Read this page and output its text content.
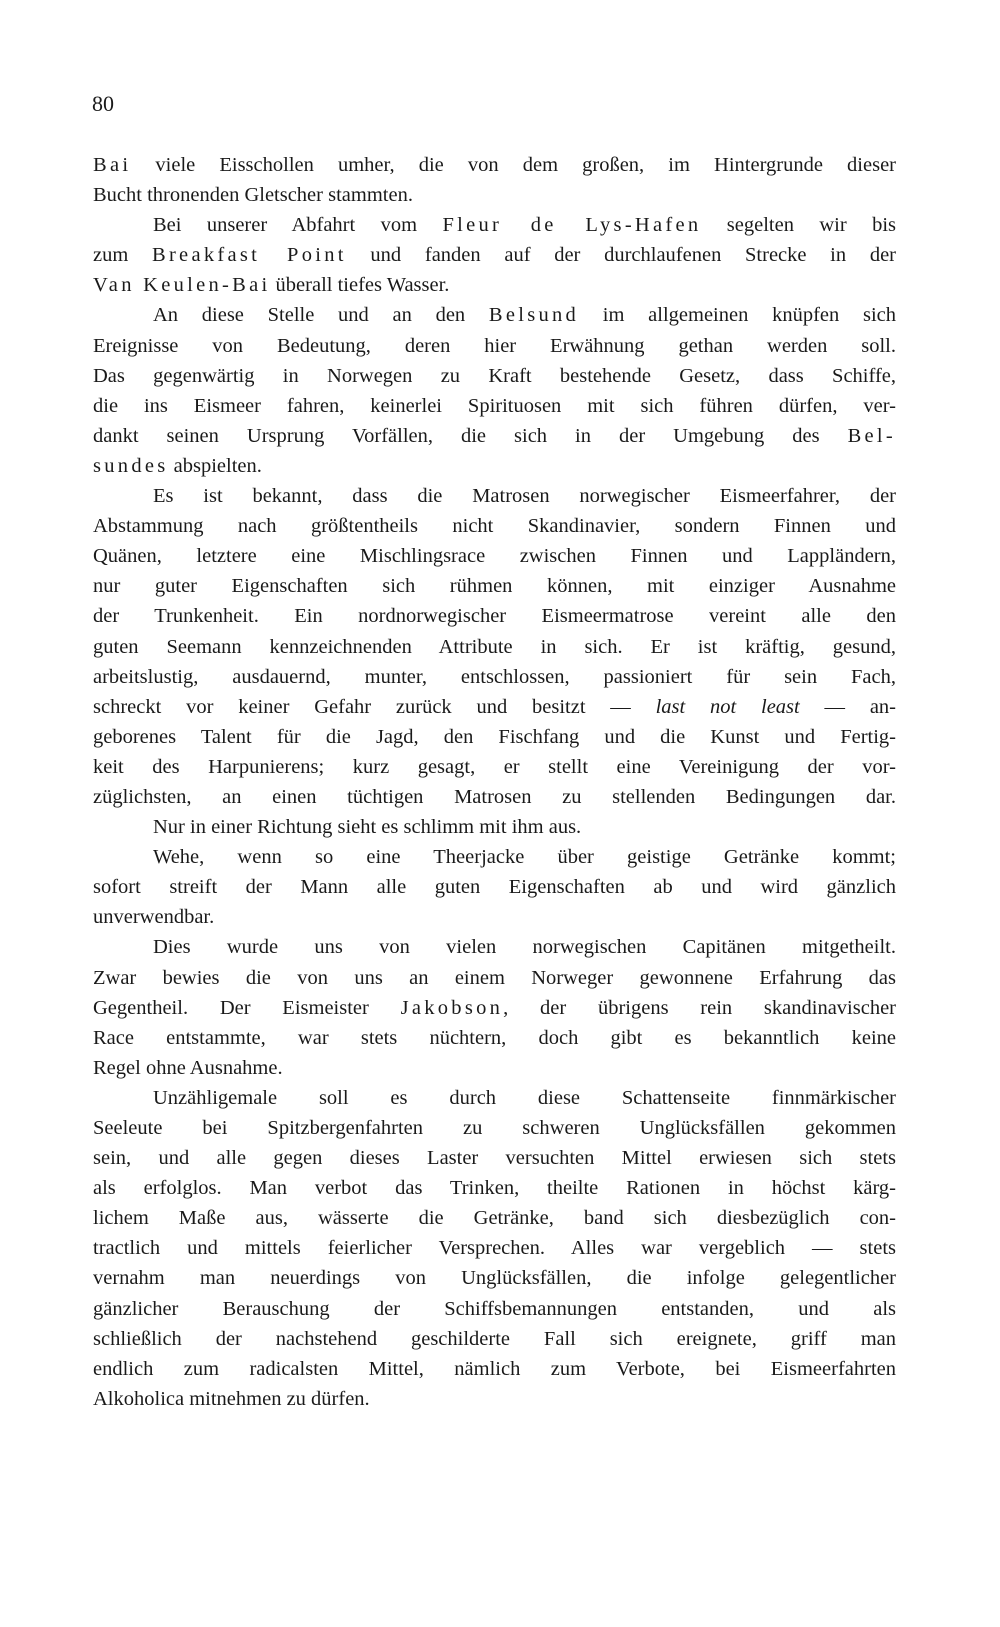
80
Bai viele Eisschollen umher, die von dem großen, im Hintergrunde dieser
Bucht thronenden Gletscher stammten.
Bei unserer Abfahrt vom Fleur de Lys-Hafen segelten wir bis
zum Breakfast Point und fanden auf der durchlaufenen Strecke in der
Van Keulen-Bai überall tiefes Wasser.
An diese Stelle und an den Belsund im allgemeinen knüpfen sich
Ereignisse von Bedeutung, deren hier Erwähnung gethan werden soll.
Das gegenwärtig in Norwegen zu Kraft bestehende Gesetz, dass Schiffe,
die ins Eismeer fahren, keinerlei Spirituosen mit sich führen dürfen, ver-
dankt seinen Ursprung Vorfällen, die sich in der Umgebung des Bel-
sundes abspielten.
Es ist bekannt, dass die Matrosen norwegischer Eismeerfahrer, der
Abstammung nach größtentheils nicht Skandinavier, sondern Finnen und
Quänen, letztere eine Mischlingsrace zwischen Finnen und Lappländern,
nur guter Eigenschaften sich rühmen können, mit einziger Ausnahme
der Trunkenheit. Ein nordnorwegischer Eismeermatrose vereint alle den
guten Seemann kennzeichnenden Attribute in sich. Er ist kräftig, gesund,
arbeitslustig, ausdauernd, munter, entschlossen, passioniert für sein Fach,
schreckt vor keiner Gefahr zurück und besitzt — last not least — an-
geborenes Talent für die Jagd, den Fischfang und die Kunst und Fertig-
keit des Harpunierens; kurz gesagt, er stellt eine Vereinigung der vor-
züglichsten, an einen tüchtigen Matrosen zu stellenden Bedingungen dar.
Nur in einer Richtung sieht es schlimm mit ihm aus.
Wehe, wenn so eine Theerjacke über geistige Getränke kommt;
sofort streift der Mann alle guten Eigenschaften ab und wird gänzlich
unverwendbar.
Dies wurde uns von vielen norwegischen Capitänen mitgetheilt.
Zwar bewies die von uns an einem Norweger gewonnene Erfahrung das
Gegentheil. Der Eismeister Jakobson, der übrigens rein skandinavischer
Race entstammte, war stets nüchtern, doch gibt es bekanntlich keine
Regel ohne Ausnahme.
Unzähligemale soll es durch diese Schattenseite finnmärkischer
Seeleute bei Spitzbergenfahrten zu schweren Unglücksfällen gekommen
sein, und alle gegen dieses Laster versuchten Mittel erwiesen sich stets
als erfolglos. Man verbot das Trinken, theilte Rationen in höchst kärg-
lichem Maße aus, wässerte die Getränke, band sich diesbezüglich con-
tractlich und mittels feierlicher Versprechen. Alles war vergeblich — stets
vernahm man neuerdings von Unglücksfällen, die infolge gelegentlicher
gänzlicher Berauschung der Schiffsbemannungen entstanden, und als
schließlich der nachstehend geschilderte Fall sich ereignete, griff man
endlich zum radicalsten Mittel, nämlich zum Verbote, bei Eismeerfahrten
Alkoholica mitnehmen zu dürfen.
